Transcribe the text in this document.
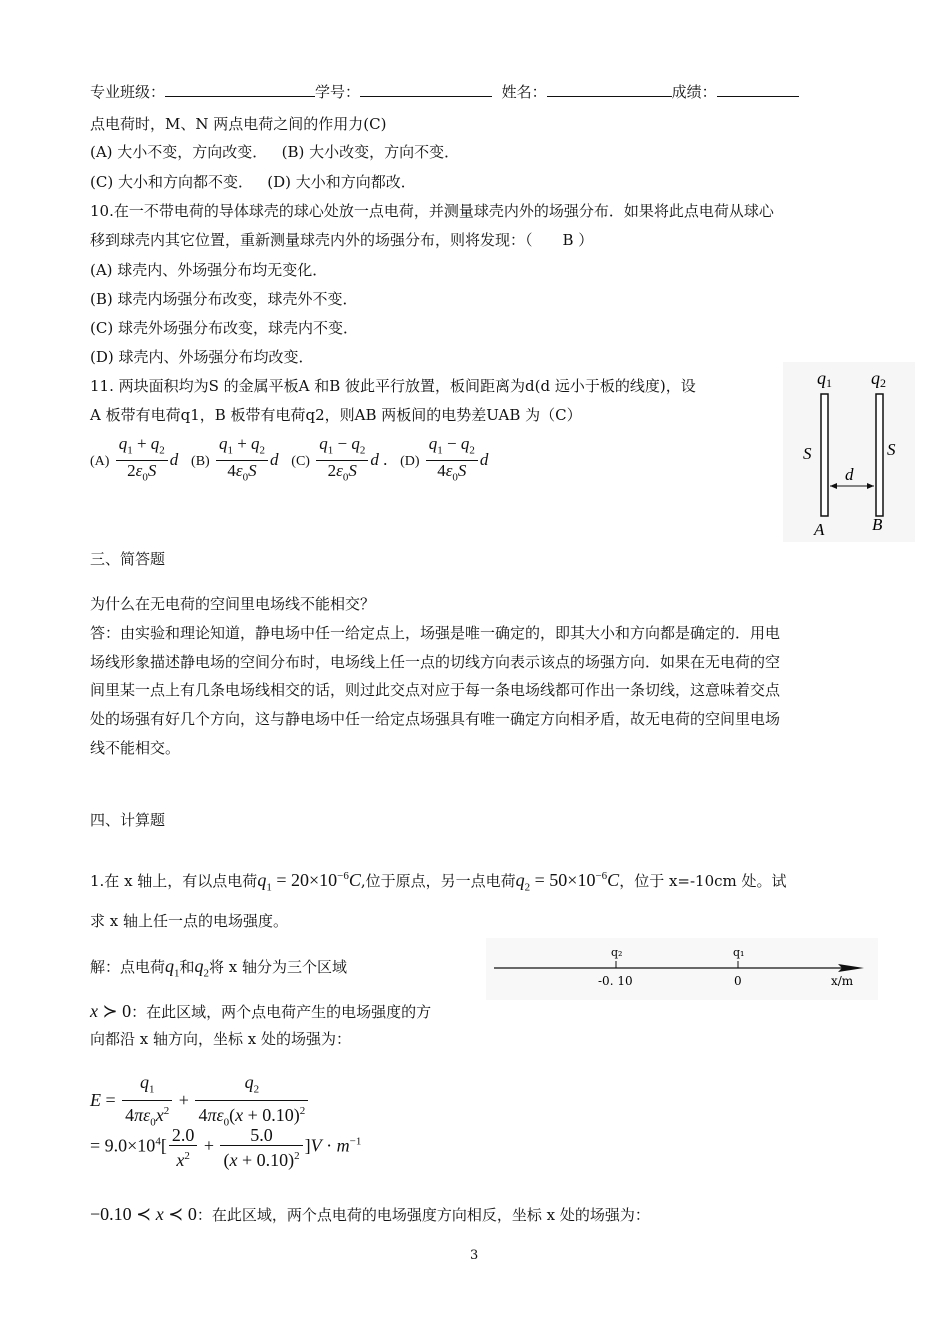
专业班级：	学号：	姓名：	成绩：
点电荷时，M、N 两点电荷之间的作用力(C)
(A) 大小不变，方向改变． (B) 大小改变，方向不变．
(C) 大小和方向都不变． (D) 大小和方向都改．
10.在一不带电荷的导体球壳的球心处放一点电荷，并测量球壳内外的场强分布．如果将此点电荷从球心
移到球壳内其它位置，重新测量球壳内外的场强分布，则将发现：（　　B ）
(A) 球壳内、外场强分布均无变化．
(B) 球壳内场强分布改变，球壳外不变．
(C) 球壳外场强分布改变，球壳内不变．
(D) 球壳内、外场强分布均改变．
11. 两块面积均为S 的金属平板A 和B 彼此平行放置，板间距离为d(d 远小于板的线度)，设
A 板带有电荷q1，B 板带有电荷q2，则AB 两板间的电势差UAB 为（C）
$(A) \frac{q_1 + q_2}{2\varepsilon_0S}$ d $(B) \frac{q_1 + q_2}{4\varepsilon_0S}$ d $(C) \frac{q_1 - q_2}{2\varepsilon_0S}$ d .   $(D) \frac{q_1 - q_2}{4\varepsilon_0S}$ d
q1 q2
S	S
d
A	B
三、简答题
为什么在无电荷的空间里电场线不能相交？
答：由实验和理论知道，静电场中任一给定点上，场强是唯一确定的，即其大小和方向都是确定的．用电
场线形象描述静电场的空间分布时，电场线上任一点的切线方向表示该点的场强方向．如果在无电荷的空
间里某一点上有几条电场线相交的话，则过此交点对应于每一条电场线都可作出一条切线，这意味着交点
处的场强有好几个方向，这与静电场中任一给定点场强具有唯一确定方向相矛盾，故无电荷的空间里电场
线不能相交。
四、计算题
1.在 x 轴上，有以点电荷$q_1 = 20\times 10^{-6}C$,位于原点，另一点电荷$q_2 = 50\times 10^{-6}C$，位于 x=-10cm 处。试
求 x 轴上任一点的电场强度。
解：点电荷$q_1$和$q_2$将 x 轴分为三个区域
q₂	q₁
-0. 10	0	x/m
x ≻ 0：在此区域，两个点电荷产生的电场强度的方
向都沿 x 轴方向，坐标 x 处的场强为：
$E = \frac{q_1}{4\pi\varepsilon_0x^2} + \frac{q_2}{4\pi\varepsilon_0(x + 0.10)^2}$
= $9.0\times 10^4[ \frac{2.0}{x^2} + \frac{5.0}{(x + 0.10)^2} ]V \cdot m^{-1}$
−0.10 ≺ x ≺ 0：在此区域，两个点电荷的电场强度方向相反，坐标 x 处的场强为：
3
